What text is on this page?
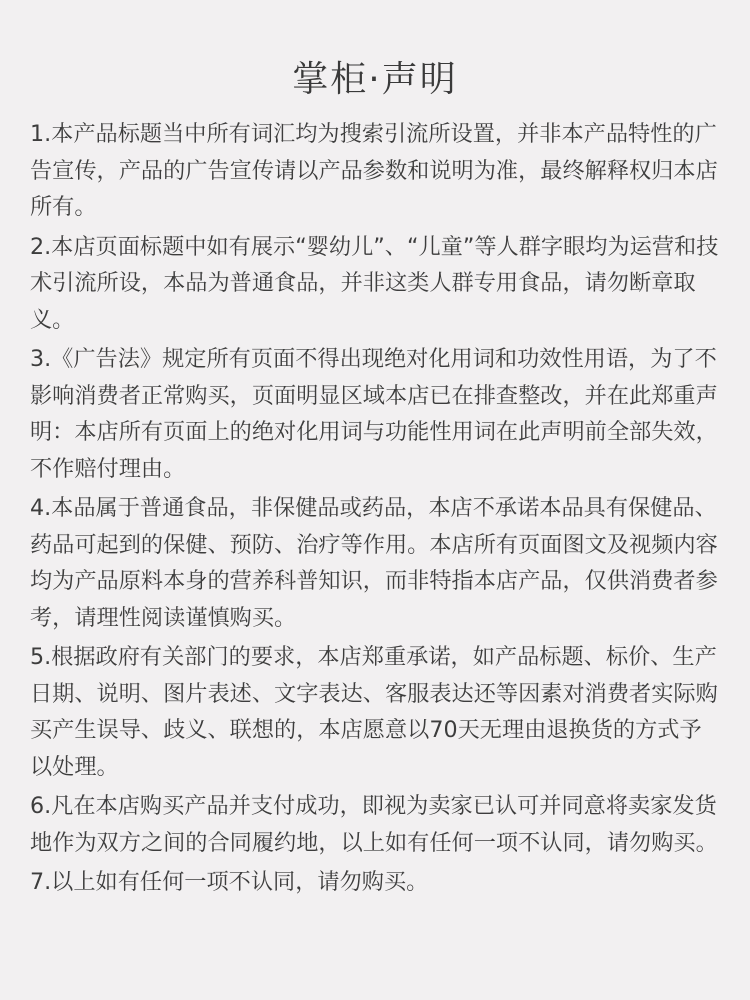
掌柜·声明
1.本产品标题当中所有词汇均为搜索引流所设置，并非本产品特性的广告宣传，产品的广告宣传请以产品参数和说明为准，最终解释权归本店所有。
2.本店页面标题中如有展示“婴幼儿”、“儿童”等人群字眼均为运营和技术引流所设，本品为普通食品，并非这类人群专用食品，请勿断章取义。
3.《广告法》规定所有页面不得出现绝对化用词和功效性用语，为了不影响消费者正常购买，页面明显区域本店已在排查整改，并在此郑重声明：本店所有页面上的绝对化用词与功能性用词在此声明前全部失效，不作赔付理由。
4.本品属于普通食品，非保健品或药品，本店不承诺本品具有保健品、药品可起到的保健、预防、治疗等作用。本店所有页面图文及视频内容均为产品原料本身的营养科普知识，而非特指本店产品，仅供消费者参考，请理性阅读谨慎购买。
5.根据政府有关部门的要求，本店郑重承诺，如产品标题、标价、生产日期、说明、图片表述、文字表达、客服表达还等因素对消费者实际购买产生误导、歧义、联想的，本店愿意以70天无理由退换货的方式予以处理。
6.凡在本店购买产品并支付成功，即视为卖家已认可并同意将卖家发货地作为双方之间的合同履约地，以上如有任何一项不认同，请勿购买。
7.以上如有任何一项不认同，请勿购买。
